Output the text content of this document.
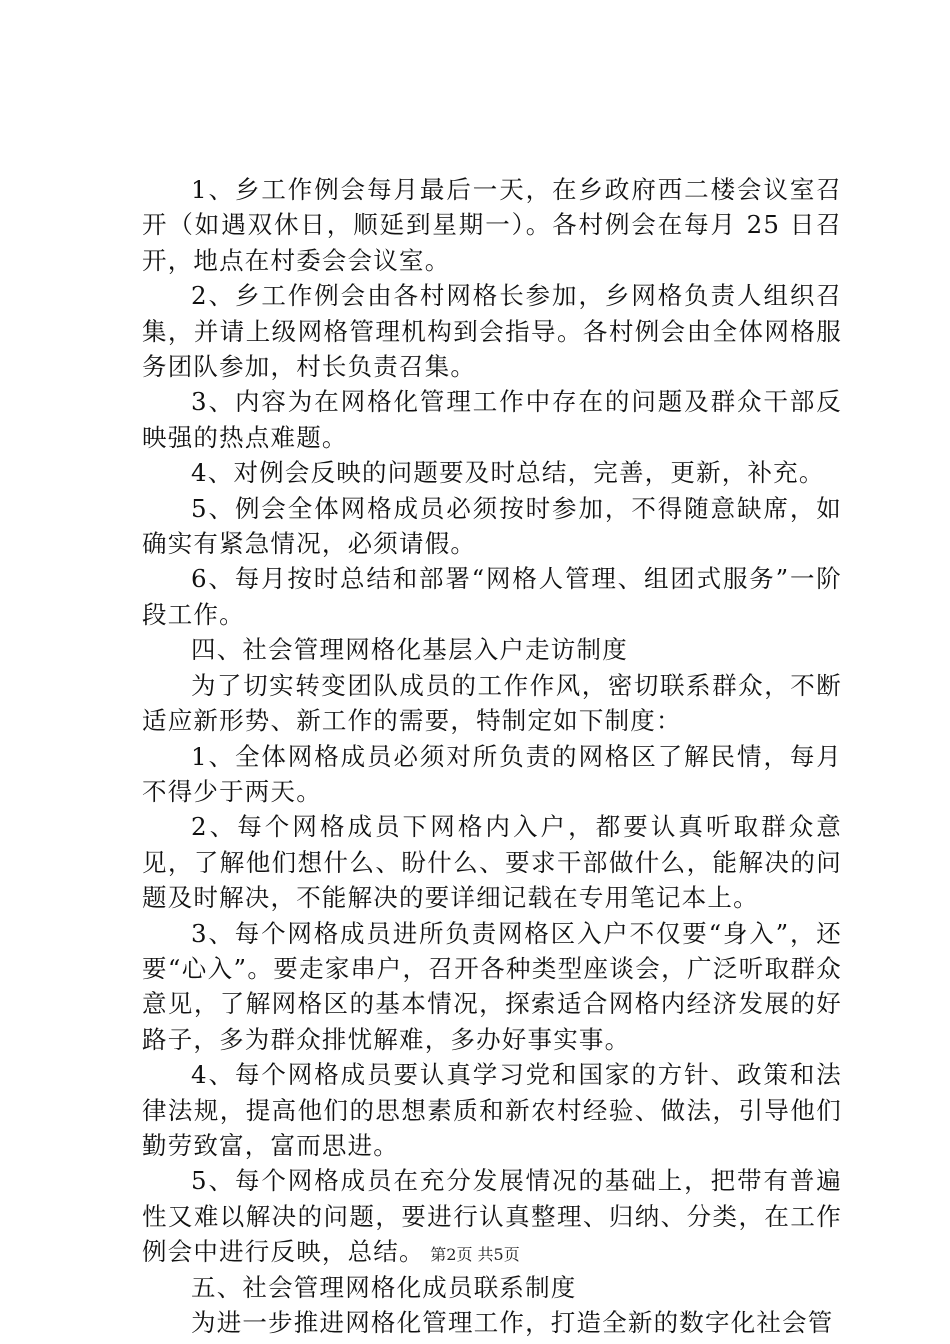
1、乡工作例会每月最后一天，在乡政府西二楼会议室召开（如遇双休日，顺延到星期一）。各村例会在每月 25 日召开，地点在村委会会议室。

2、乡工作例会由各村网格长参加，乡网格负责人组织召集，并请上级网格管理机构到会指导。各村例会由全体网格服务团队参加，村长负责召集。

3、内容为在网格化管理工作中存在的问题及群众干部反映强的热点难题。

4、对例会反映的问题要及时总结，完善，更新，补充。

5、例会全体网格成员必须按时参加，不得随意缺席，如确实有紧急情况，必须请假。

6、每月按时总结和部署“网格人管理、组团式服务”一阶段工作。

四、社会管理网格化基层入户走访制度

为了切实转变团队成员的工作作风，密切联系群众，不断适应新形势、新工作的需要，特制定如下制度：

1、全体网格成员必须对所负责的网格区了解民情，每月不得少于两天。

2、每个网格成员下网格内入户，都要认真听取群众意见，了解他们想什么、盼什么、要求干部做什么，能解决的问题及时解决，不能解决的要详细记载在专用笔记本上。

3、每个网格成员进所负责网格区入户不仅要“身入”，还要“心入”。要走家串户，召开各种类型座谈会，广泛听取群众意见，了解网格区的基本情况，探索适合网格内经济发展的好路子，多为群众排忧解难，多办好事实事。

4、每个网格成员要认真学习党和国家的方针、政策和法律法规，提高他们的思想素质和新农村经验、做法，引导他们勤劳致富，富而思进。

5、每个网格成员在充分发展情况的基础上，把带有普遍性又难以解决的问题，要进行认真整理、归纳、分类，在工作例会中进行反映，总结。

五、社会管理网格化成员联系制度

为进一步推进网格化管理工作，打造全新的数字化社会管

第2页 共5页
